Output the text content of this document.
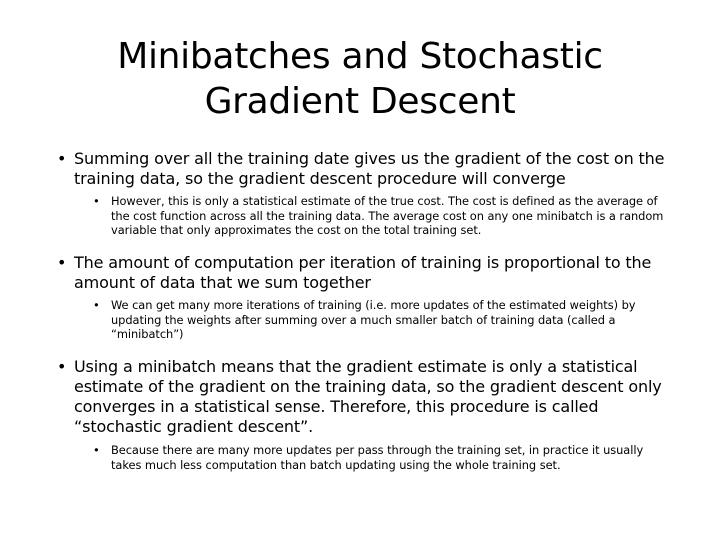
Minibatches and Stochastic
Gradient Descent
• Summing over all the training date gives us the gradient of the cost on the training data, so the gradient descent procedure will converge
• However, this is only a statistical estimate of the true cost. The cost is defined as the average of the cost function across all the training data. The average cost on any one minibatch is a random variable that only approximates the cost on the total training set.
• The amount of computation per iteration of training is proportional to the amount of data that we sum together
• We can get many more iterations of training (i.e. more updates of the estimated weights) by updating the weights after summing over a much smaller batch of training data (called a “minibatch”)
• Using a minibatch means that the gradient estimate is only a statistical estimate of the gradient on the training data, so the gradient descent only converges in a statistical sense. Therefore, this procedure is called “stochastic gradient descent”.
• Because there are many more updates per pass through the training set, in practice it usually takes much less computation than batch updating using the whole training set.
